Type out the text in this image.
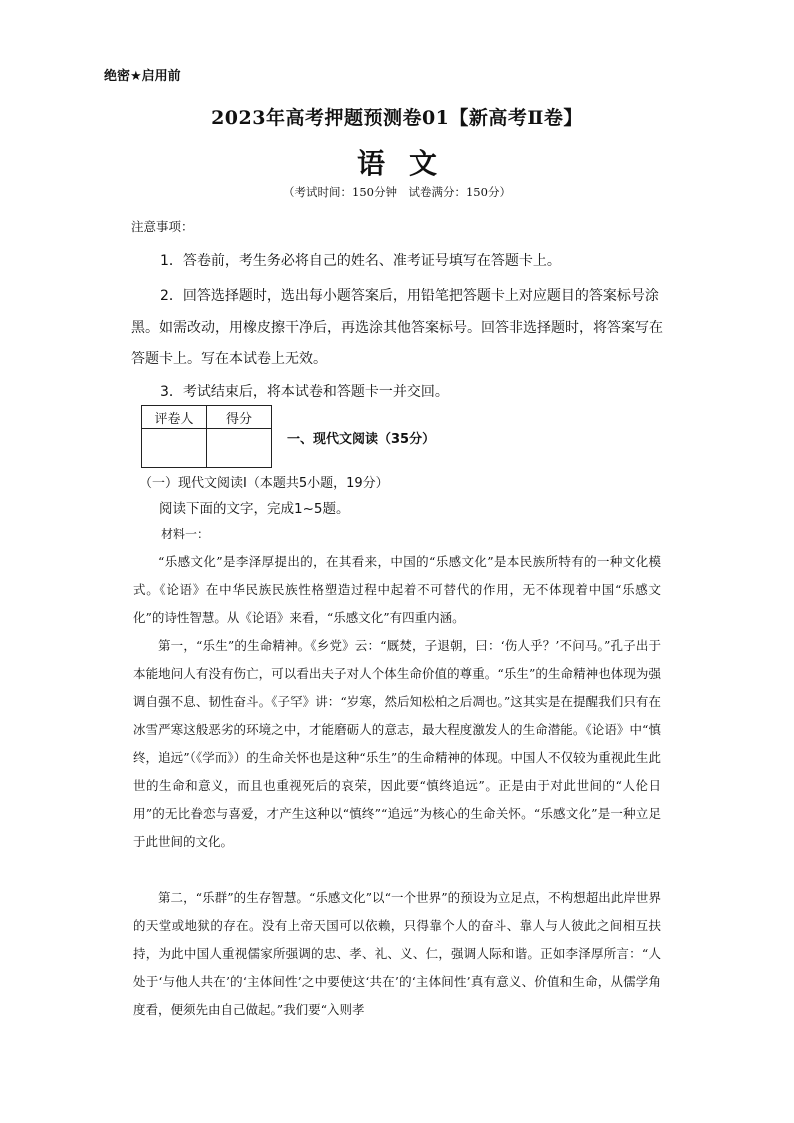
绝密★启用前
2023年高考押题预测卷01【新高考Ⅱ卷】
语文
（考试时间：150分钟　试卷满分：150分）
注意事项：
1．答卷前，考生务必将自己的姓名、准考证号填写在答题卡上。
2．回答选择题时，选出每小题答案后，用铅笔把答题卡上对应题目的答案标号涂
黑。如需改动，用橡皮擦干净后，再选涂其他答案标号。回答非选择题时，将答案写在
答题卡上。写在本试卷上无效。
3．考试结束后，将本试卷和答题卡一并交回。
评卷人	得分

一、现代文阅读（35分）
（一）现代文阅读Ⅰ（本题共5小题，19分）
阅读下面的文字，完成1~5题。
材料一：
“乐感文化”是李泽厚提出的，在其看来，中国的“乐感文化”是本民族所特有的一种文化模式。《论语》在中华民族民族性格塑造过程中起着不可替代的作用，无不体现着中国“乐感文化”的诗性智慧。从《论语》来看，“乐感文化”有四重内涵。
第一，“乐生”的生命精神。《乡党》云：“厩焚，子退朝，曰：‘伤人乎？’不问马。”孔子出于本能地问人有没有伤亡，可以看出夫子对人个体生命价值的尊重。“乐生”的生命精神也体现为强调自强不息、韧性奋斗。《子罕》讲：“岁寒，然后知松柏之后凋也。”这其实是在提醒我们只有在冰雪严寒这般恶劣的环境之中，才能磨砺人的意志，最大程度激发人的生命潜能。《论语》中“慎终，追远”（《学而》）的生命关怀也是这种“乐生”的生命精神的体现。中国人不仅较为重视此生此世的生命和意义，而且也重视死后的哀荣，因此要“慎终追远”。正是由于对此世间的“人伦日用”的无比眷恋与喜爱，才产生这种以“慎终”“追远”为核心的生命关怀。“乐感文化”是一种立足于此世间的文化。
第二，“乐群”的生存智慧。“乐感文化”以“一个世界”的预设为立足点，不构想超出此岸世界的天堂或地狱的存在。没有上帝天国可以依赖，只得靠个人的奋斗、靠人与人彼此之间相互扶持，为此中国人重视儒家所强调的忠、孝、礼、义、仁，强调人际和谐。正如李泽厚所言：“人处于‘与他人共在’的‘主体间性’之中要使这‘共在’的‘主体间性’真有意义、价值和生命，从儒学角度看，便须先由自己做起。”我们要“入则孝
